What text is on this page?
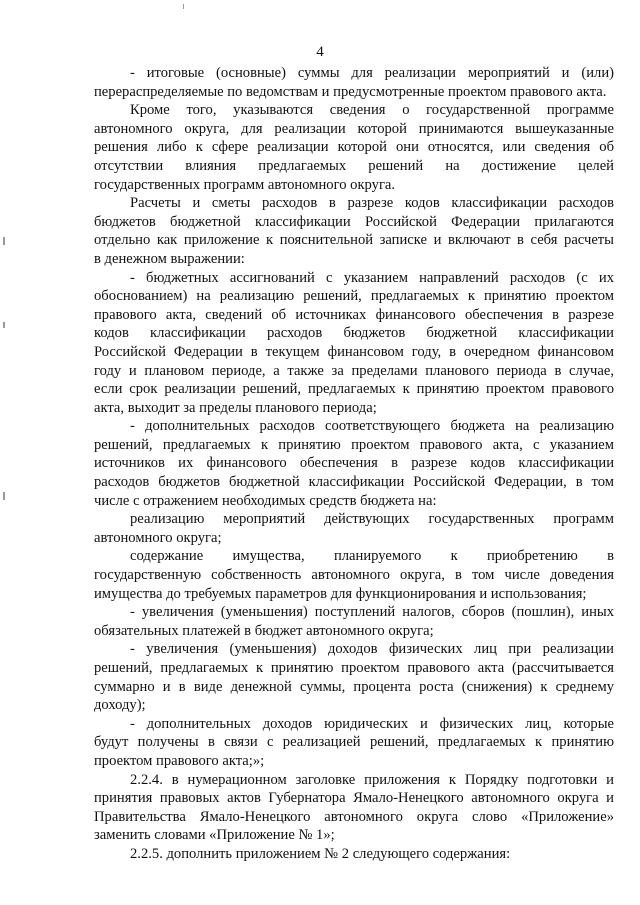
4
- итоговые (основные) суммы для реализации мероприятий и (или)
перераспределяемые по ведомствам и предусмотренные проектом правового акта.
Кроме того, указываются сведения о государственной программе
автономного округа, для реализации которой принимаются вышеуказанные
решения либо к сфере реализации которой они относятся, или сведения об
отсутствии влияния предлагаемых решений на достижение целей
государственных программ автономного округа.
Расчеты и сметы расходов в разрезе кодов классификации расходов
бюджетов бюджетной классификации Российской Федерации прилагаются
отдельно как приложение к пояснительной записке и включают в себя расчеты
в денежном выражении:
- бюджетных ассигнований с указанием направлений расходов (с их
обоснованием) на реализацию решений, предлагаемых к принятию проектом
правового акта, сведений об источниках финансового обеспечения в разрезе
кодов классификации расходов бюджетов бюджетной классификации
Российской Федерации в текущем финансовом году, в очередном финансовом
году и плановом периоде, а также за пределами планового периода в случае,
если срок реализации решений, предлагаемых к принятию проектом правового
акта, выходит за пределы планового периода;
- дополнительных расходов соответствующего бюджета на реализацию
решений, предлагаемых к принятию проектом правового акта, с указанием
источников их финансового обеспечения в разрезе кодов классификации
расходов бюджетов бюджетной классификации Российской Федерации, в том
числе с отражением необходимых средств бюджета на:
реализацию мероприятий действующих государственных программ
автономного округа;
содержание имущества, планируемого к приобретению в
государственную собственность автономного округа, в том числе доведения
имущества до требуемых параметров для функционирования и использования;
- увеличения (уменьшения) поступлений налогов, сборов (пошлин), иных
обязательных платежей в бюджет автономного округа;
- увеличения (уменьшения) доходов физических лиц при реализации
решений, предлагаемых к принятию проектом правового акта (рассчитывается
суммарно и в виде денежной суммы, процента роста (снижения) к среднему
доходу);
- дополнительных доходов юридических и физических лиц, которые
будут получены в связи с реализацией решений, предлагаемых к принятию
проектом правового акта;»;
2.2.4. в нумерационном заголовке приложения к Порядку подготовки и
принятия правовых актов Губернатора Ямало-Ненецкого автономного округа и
Правительства Ямало-Ненецкого автономного округа слово «Приложение»
заменить словами «Приложение № 1»;
2.2.5. дополнить приложением № 2 следующего содержания:
